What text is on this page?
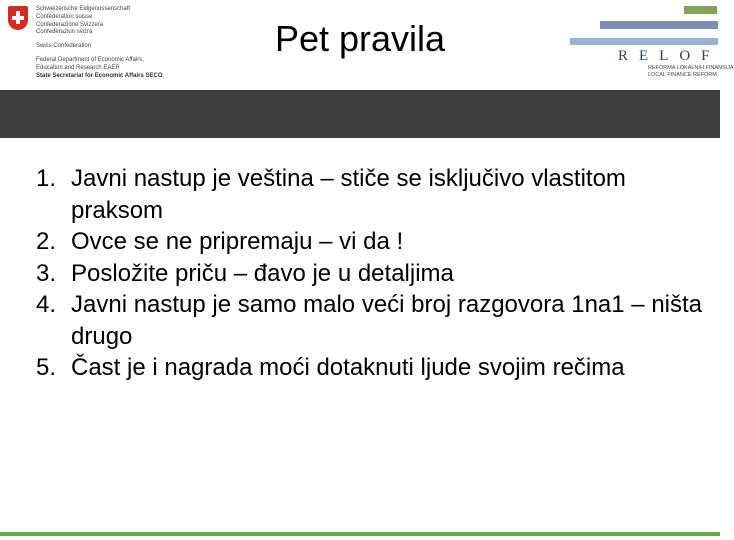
Schweizerische Eidgenossenschaft
Confédération suisse
Confederazione Svizzera
Confederaziun svizra
Swiss Confederation
Federal Department of Economic Affairs,
Education and Research EAER
State Secretariat for Economic Affairs SECO
Pet pravila	RELOF
REFORMA LOKALNIH FINANSIJA
LOCAL FINANCE REFORM
1. Javni nastup je veština – stiče se isključivo vlastitom praksom
2. Ovce se ne pripremaju – vi da !
3. Posložite priču – đavo je u detaljima
4. Javni nastup je samo malo veći broj razgovora 1na1 – ništa drugo
5. Čast je i nagrada moći dotaknuti ljude svojim rečima
